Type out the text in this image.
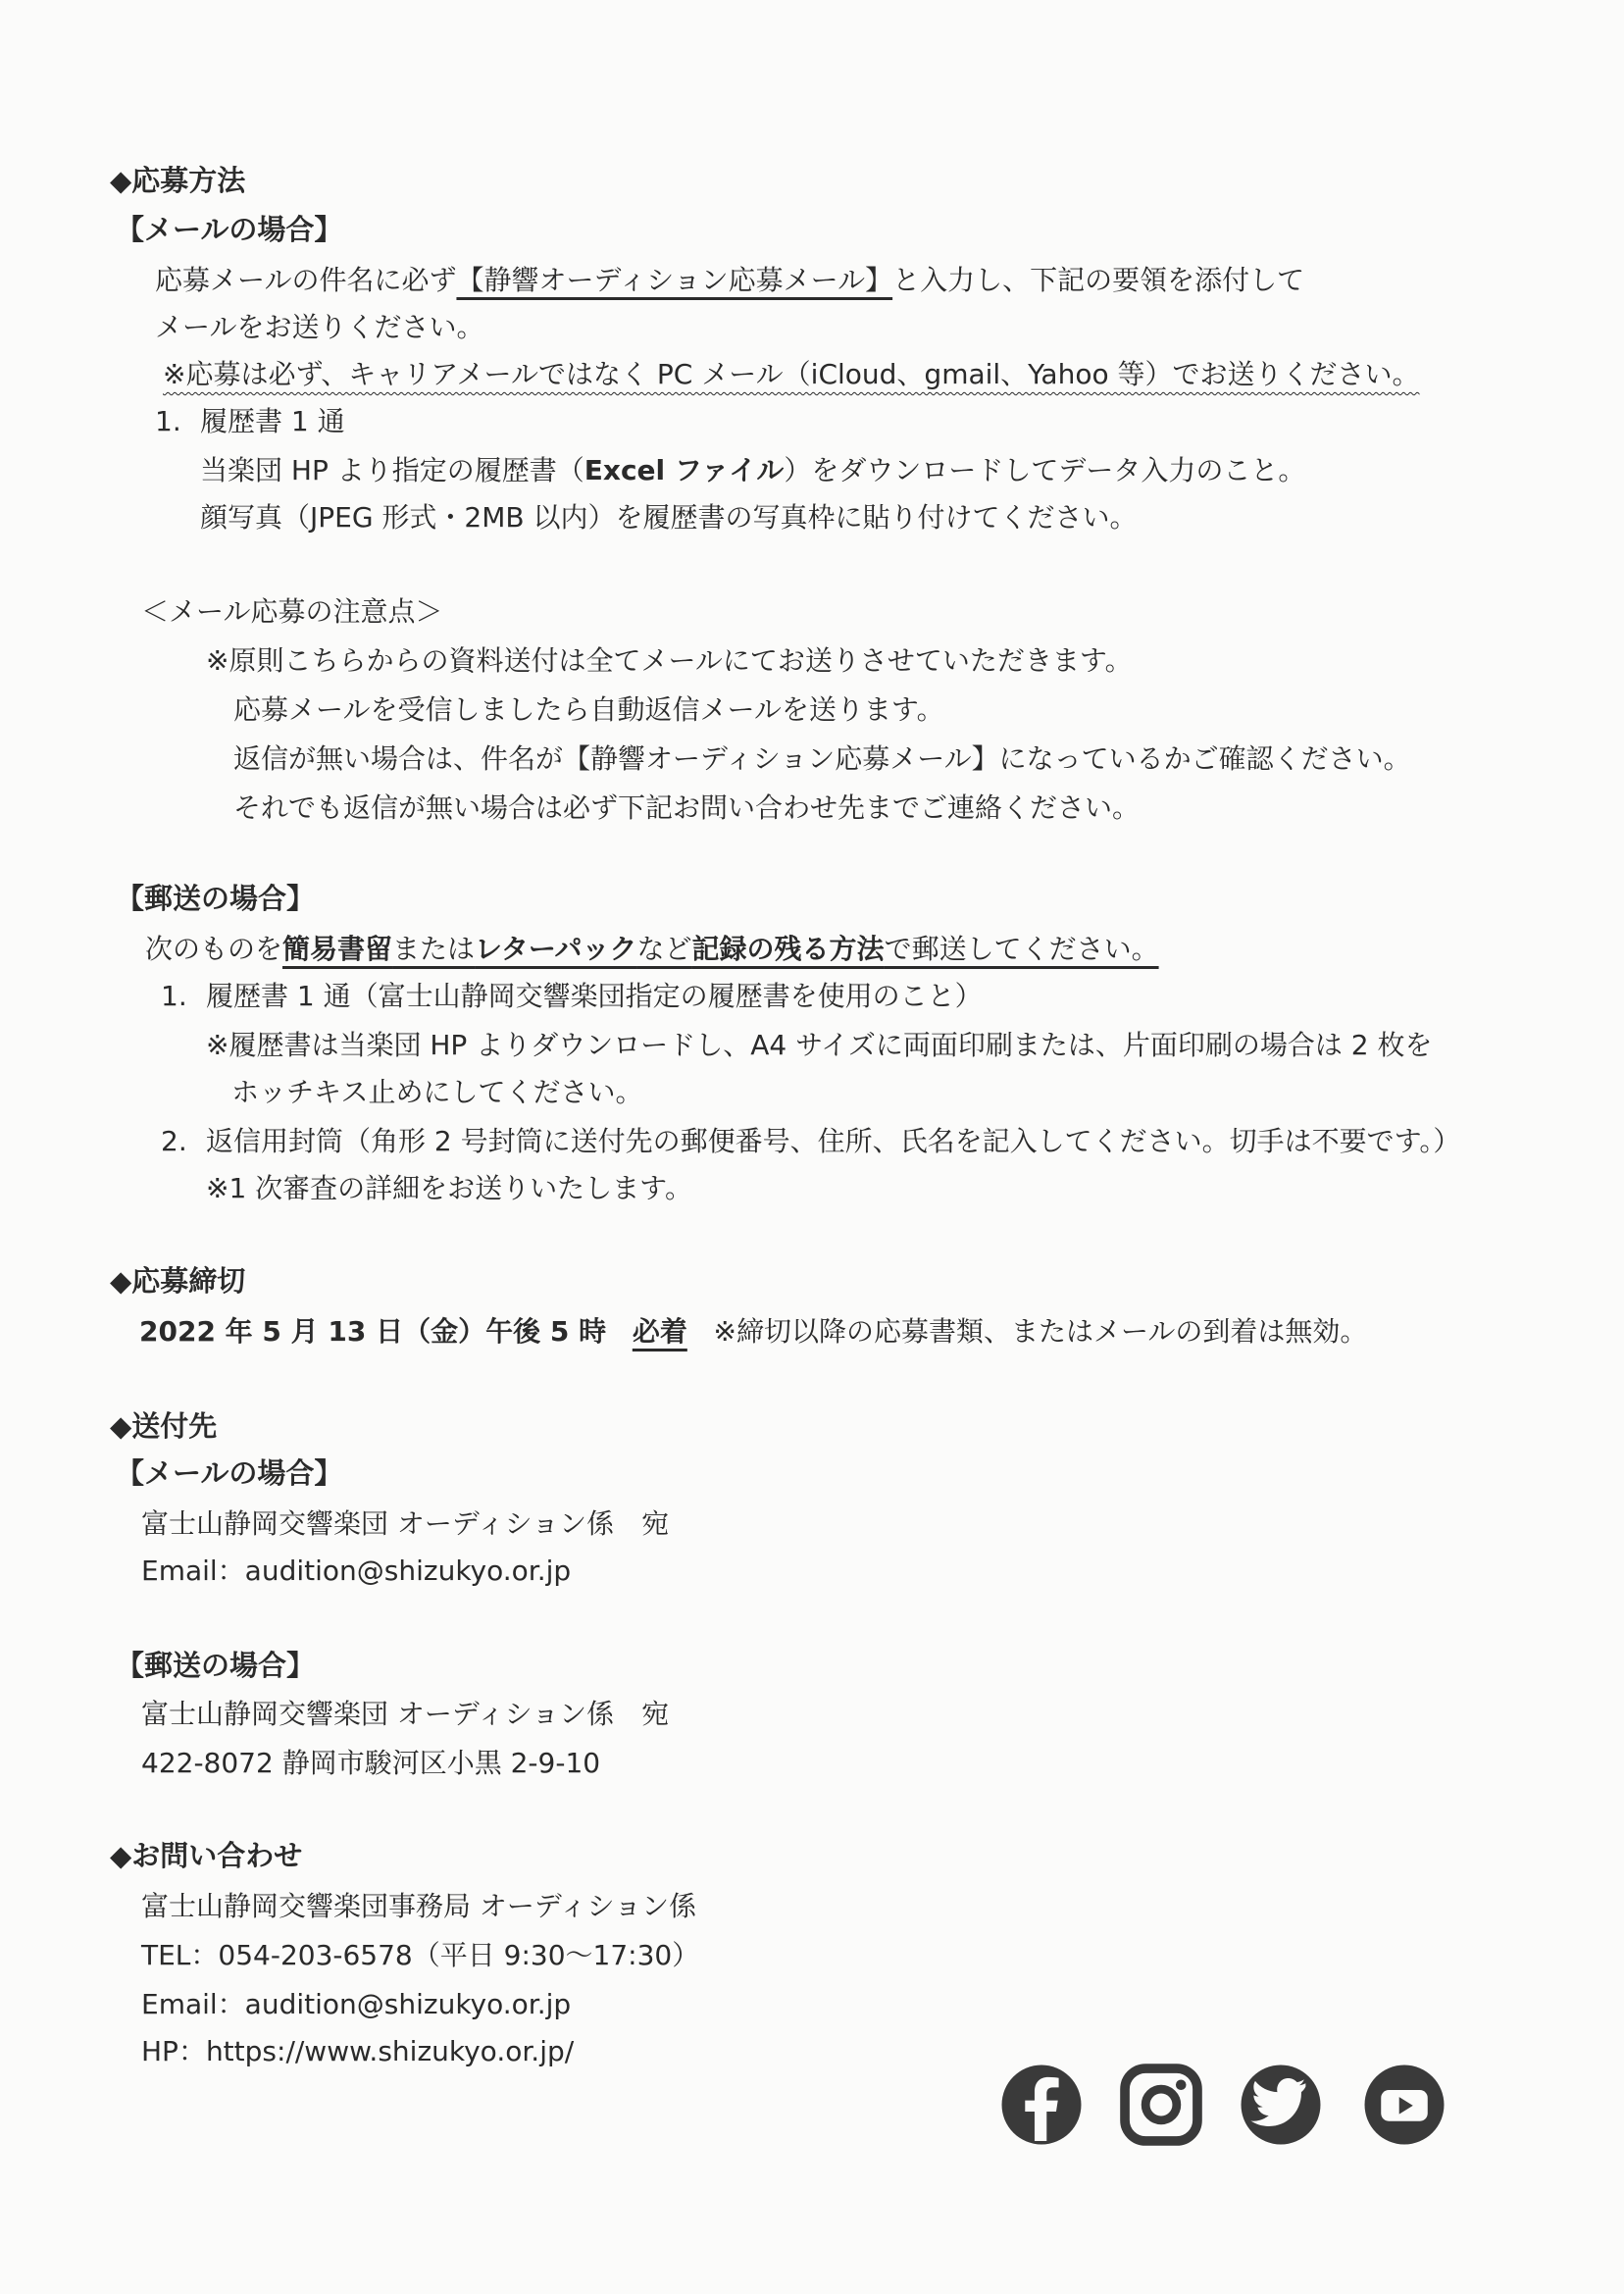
◆応募方法
【メールの場合】
応募メールの件名に必ず【静響オーディション応募メール】と入力し、下記の要領を添付して
メールをお送りください。
※応募は必ず、キャリアメールではなく PC メール（iCloud、gmail、Yahoo 等）でお送りください。
1. 履歴書 1 通
当楽団 HP より指定の履歴書（Excel ファイル）をダウンロードしてデータ入力のこと。
顔写真（JPEG 形式・2MB 以内）を履歴書の写真枠に貼り付けてください。
＜メール応募の注意点＞
※原則こちらからの資料送付は全てメールにてお送りさせていただきます。
応募メールを受信しましたら自動返信メールを送ります。
返信が無い場合は、件名が【静響オーディション応募メール】になっているかご確認ください。
それでも返信が無い場合は必ず下記お問い合わせ先までご連絡ください。
【郵送の場合】
次のものを簡易書留またはレターパックなど記録の残る方法で郵送してください。
1. 履歴書 1 通（富士山静岡交響楽団指定の履歴書を使用のこと）
※履歴書は当楽団 HP よりダウンロードし、A4 サイズに両面印刷または、片面印刷の場合は 2 枚を
ホッチキス止めにしてください。
2. 返信用封筒（角形 2 号封筒に送付先の郵便番号、住所、氏名を記入してください。切手は不要です。）
※1 次審査の詳細をお送りいたします。
◆応募締切
2022 年 5 月 13 日（金）午後 5 時 必着 ※締切以降の応募書類、またはメールの到着は無効。
◆送付先
【メールの場合】
富士山静岡交響楽団 オーディション係　宛
Email：audition@shizukyo.or.jp
【郵送の場合】
富士山静岡交響楽団 オーディション係　宛
422-8072 静岡市駿河区小黒 2-9-10
◆お問い合わせ
富士山静岡交響楽団事務局 オーディション係
TEL：054-203-6578（平日 9:30～17:30）
Email：audition@shizukyo.or.jp
HP：https://www.shizukyo.or.jp/
